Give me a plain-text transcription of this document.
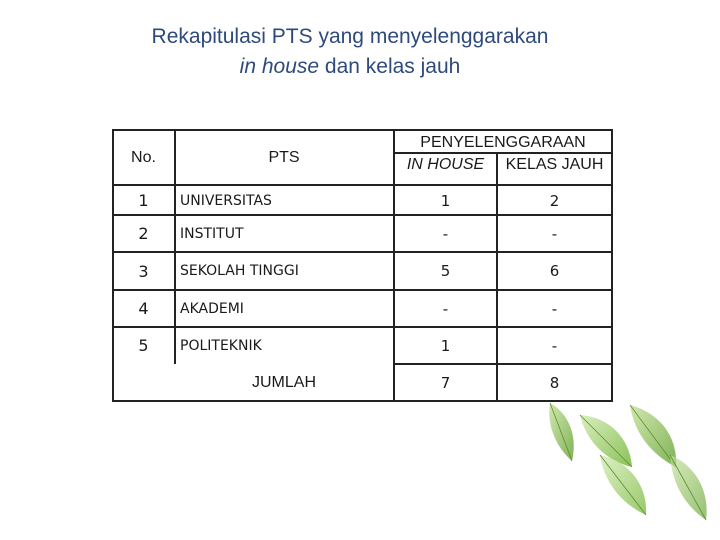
Rekapitulasi PTS yang menyelenggarakan
in house dan kelas jauh
No.	PTS
PENYELENGGARAAN
IN HOUSE	KELAS JAUH
1	UNIVERSITAS	1	2
2	INSTITUT	-	-
3	SEKOLAH TINGGI	5	6
4	AKADEMI	-	-
5	POLITEKNIK	1	-
JUMLAH	7	8
